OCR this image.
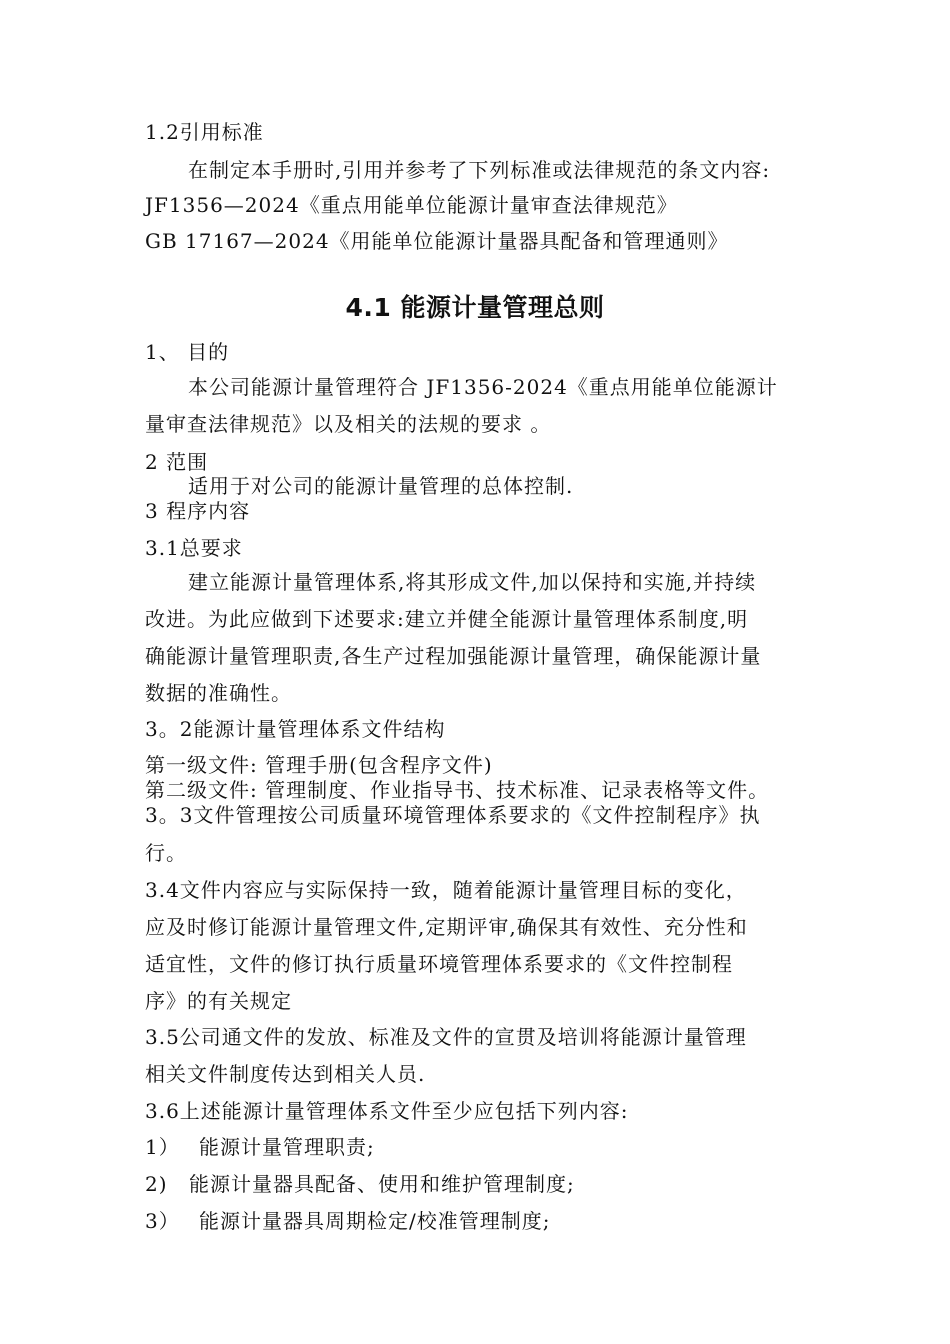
1.2引用标准
在制定本手册时,引用并参考了下列标准或法律规范的条文内容:
JF1356—2024《重点用能单位能源计量审查法律规范》
GB 17167—2024《用能单位能源计量器具配备和管理通则》
4.1 能源计量管理总则
1、 目的
本公司能源计量管理符合 JF1356-2024《重点用能单位能源计
量审查法律规范》以及相关的法规的要求 。
2 范围
适用于对公司的能源计量管理的总体控制.
3 程序内容
3.1总要求
建立能源计量管理体系,将其形成文件,加以保持和实施,并持续
改进。为此应做到下述要求:建立并健全能源计量管理体系制度,明
确能源计量管理职责,各生产过程加强能源计量管理，确保能源计量
数据的准确性。
3。2能源计量管理体系文件结构
第一级文件: 管理手册(包含程序文件)
第二级文件: 管理制度、作业指导书、技术标准、记录表格等文件。
3。3文件管理按公司质量环境管理体系要求的《文件控制程序》执
行。
3.4文件内容应与实际保持一致，随着能源计量管理目标的变化，
应及时修订能源计量管理文件,定期评审,确保其有效性、充分性和
适宜性，文件的修订执行质量环境管理体系要求的《文件控制程
序》的有关规定
3.5公司通文件的发放、标准及文件的宣贯及培训将能源计量管理
相关文件制度传达到相关人员.
3.6上述能源计量管理体系文件至少应包括下列内容:
1） 能源计量管理职责;
2) 能源计量器具配备、使用和维护管理制度;
3） 能源计量器具周期检定/校准管理制度;
